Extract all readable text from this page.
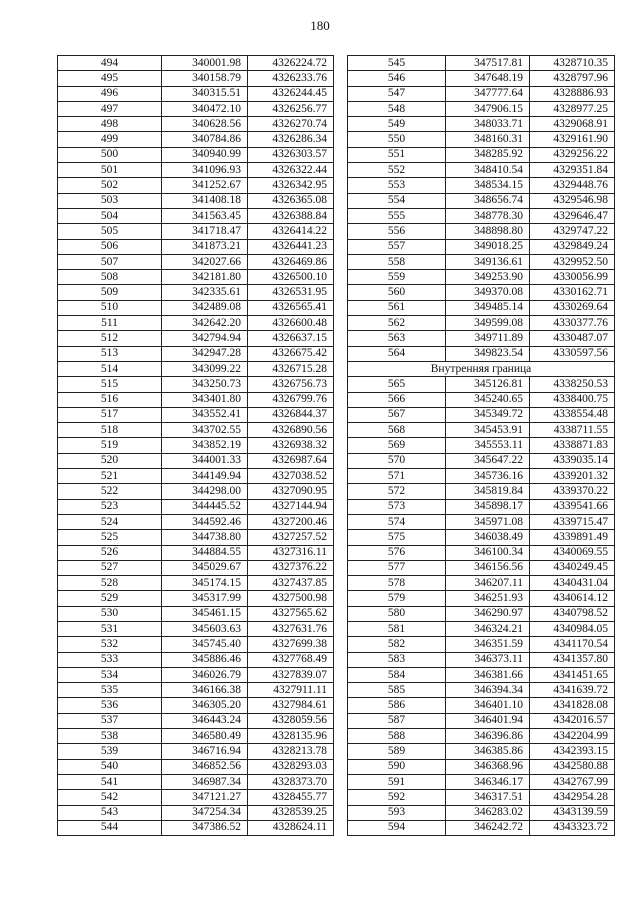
180
494	340001.98	4326224.72
495	340158.79	4326233.76
496	340315.51	4326244.45
497	340472.10	4326256.77
498	340628.56	4326270.74
499	340784.86	4326286.34
500	340940.99	4326303.57
501	341096.93	4326322.44
502	341252.67	4326342.95
503	341408.18	4326365.08
504	341563.45	4326388.84
505	341718.47	4326414.22
506	341873.21	4326441.23
507	342027.66	4326469.86
508	342181.80	4326500.10
509	342335.61	4326531.95
510	342489.08	4326565.41
511	342642.20	4326600.48
512	342794.94	4326637.15
513	342947.28	4326675.42
514	343099.22	4326715.28
515	343250.73	4326756.73
516	343401.80	4326799.76
517	343552.41	4326844.37
518	343702.55	4326890.56
519	343852.19	4326938.32
520	344001.33	4326987.64
521	344149.94	4327038.52
522	344298.00	4327090.95
523	344445.52	4327144.94
524	344592.46	4327200.46
525	344738.80	4327257.52
526	344884.55	4327316.11
527	345029.67	4327376.22
528	345174.15	4327437.85
529	345317.99	4327500.98
530	345461.15	4327565.62
531	345603.63	4327631.76
532	345745.40	4327699.38
533	345886.46	4327768.49
534	346026.79	4327839.07
535	346166.38	4327911.11
536	346305.20	4327984.61
537	346443.24	4328059.56
538	346580.49	4328135.96
539	346716.94	4328213.78
540	346852.56	4328293.03
541	346987.34	4328373.70
542	347121.27	4328455.77
543	347254.34	4328539.25
544	347386.52	4328624.11
545	347517.81	4328710.35
546	347648.19	4328797.96
547	347777.64	4328886.93
548	347906.15	4328977.25
549	348033.71	4329068.91
550	348160.31	4329161.90
551	348285.92	4329256.22
552	348410.54	4329351.84
553	348534.15	4329448.76
554	348656.74	4329546.98
555	348778.30	4329646.47
556	348898.80	4329747.22
557	349018.25	4329849.24
558	349136.61	4329952.50
559	349253.90	4330056.99
560	349370.08	4330162.71
561	349485.14	4330269.64
562	349599.08	4330377.76
563	349711.89	4330487.07
564	349823.54	4330597.56
Внутренняя граница		
565	345126.81	4338250.53
566	345240.65	4338400.75
567	345349.72	4338554.48
568	345453.91	4338711.55
569	345553.11	4338871.83
570	345647.22	4339035.14
571	345736.16	4339201.32
572	345819.84	4339370.22
573	345898.17	4339541.66
574	345971.08	4339715.47
575	346038.49	4339891.49
576	346100.34	4340069.55
577	346156.56	4340249.45
578	346207.11	4340431.04
579	346251.93	4340614.12
580	346290.97	4340798.52
581	346324.21	4340984.05
582	346351.59	4341170.54
583	346373.11	4341357.80
584	346381.66	4341451.65
585	346394.34	4341639.72
586	346401.10	4341828.08
587	346401.94	4342016.57
588	346396.86	4342204.99
589	346385.86	4342393.15
590	346368.96	4342580.88
591	346346.17	4342767.99
592	346317.51	4342954.28
593	346283.02	4343139.59
594	346242.72	4343323.72
